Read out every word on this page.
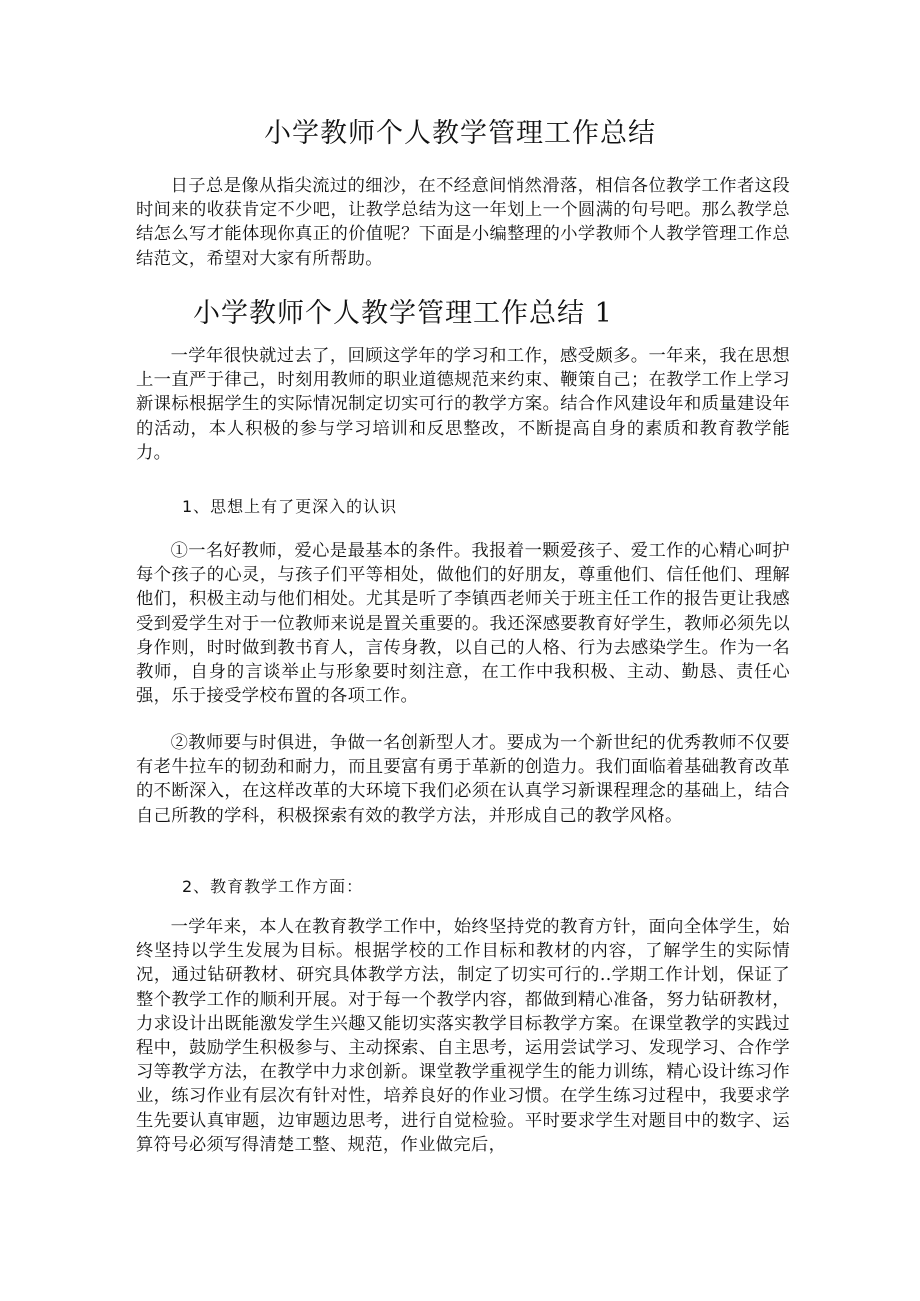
小学教师个人教学管理工作总结

日子总是像从指尖流过的细沙，在不经意间悄然滑落，相信各位教学工作者这段时间来的收获肯定不少吧，让教学总结为这一年划上一个圆满的句号吧。那么教学总结怎么写才能体现你真正的价值呢？下面是小编整理的小学教师个人教学管理工作总结范文，希望对大家有所帮助。

小学教师个人教学管理工作总结 1

一学年很快就过去了，回顾这学年的学习和工作，感受颇多。一年来，我在思想上一直严于律己，时刻用教师的职业道德规范来约束、鞭策自己；在教学工作上学习新课标根据学生的实际情况制定切实可行的教学方案。结合作风建设年和质量建设年的活动，本人积极的参与学习培训和反思整改，不断提高自身的素质和教育教学能力。

1、思想上有了更深入的认识

①一名好教师，爱心是最基本的条件。我报着一颗爱孩子、爱工作的心精心呵护每个孩子的心灵，与孩子们平等相处，做他们的好朋友，尊重他们、信任他们、理解他们，积极主动与他们相处。尤其是听了李镇西老师关于班主任工作的报告更让我感受到爱学生对于一位教师来说是置关重要的。我还深感要教育好学生，教师必须先以身作则，时时做到教书育人，言传身教，以自己的人格、行为去感染学生。作为一名教师，自身的言谈举止与形象要时刻注意，在工作中我积极、主动、勤恳、责任心强，乐于接受学校布置的各项工作。

②教师要与时俱进，争做一名创新型人才。要成为一个新世纪的优秀教师不仅要有老牛拉车的韧劲和耐力，而且要富有勇于革新的创造力。我们面临着基础教育改革的不断深入，在这样改革的大环境下我们必须在认真学习新课程理念的基础上，结合自己所教的学科，积极探索有效的教学方法，并形成自己的教学风格。

2、教育教学工作方面：

一学年来，本人在教育教学工作中，始终坚持党的教育方针，面向全体学生，始终坚持以学生发展为目标。根据学校的工作目标和教材的内容，了解学生的实际情况，通过钻研教材、研究具体教学方法，制定了切实可行的..学期工作计划，保证了整个教学工作的顺利开展。对于每一个教学内容，都做到精心准备，努力钻研教材，力求设计出既能激发学生兴趣又能切实落实教学目标教学方案。在课堂教学的实践过程中，鼓励学生积极参与、主动探索、自主思考，运用尝试学习、发现学习、合作学习等教学方法，在教学中力求创新。课堂教学重视学生的能力训练，精心设计练习作业，练习作业有层次有针对性，培养良好的作业习惯。在学生练习过程中，我要求学生先要认真审题，边审题边思考，进行自觉检验。平时要求学生对题目中的数字、运算符号必须写得清楚工整、规范，作业做完后，
